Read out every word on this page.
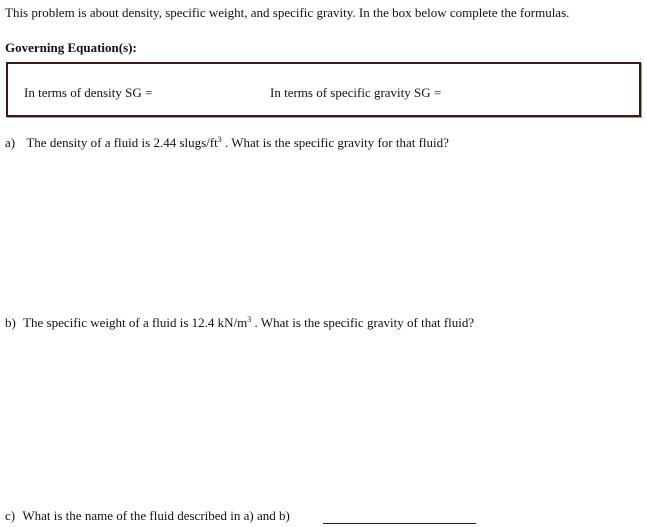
This problem is about density, specific weight, and specific gravity. In the box below complete the formulas.
Governing Equation(s):
In terms of density SG =	In terms of specific gravity SG =
a) The density of a fluid is 2.44 slugs/$ft^3$ . What is the specific gravity for that fluid?
b) The specific weight of a fluid is 12.4 $kN/m^3$ . What is the specific gravity of that fluid?
c) What is the name of the fluid described in a) and b)
